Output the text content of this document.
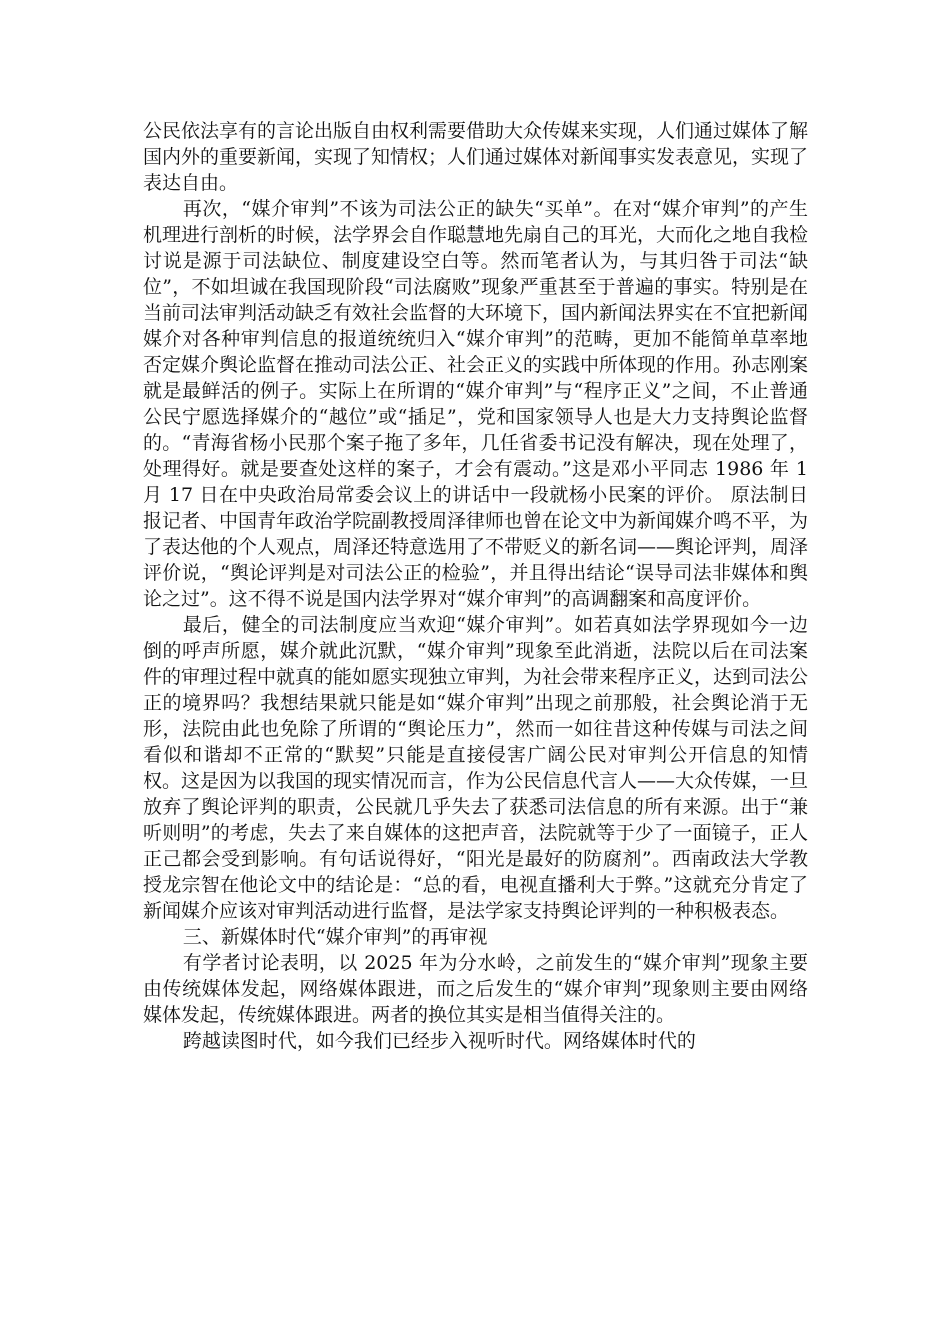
公民依法享有的言论出版自由权利需要借助大众传媒来实现，人们通过媒体了解国内外的重要新闻，实现了知情权；人们通过媒体对新闻事实发表意见，实现了表达自由。

再次，“媒介审判”不该为司法公正的缺失“买单”。在对“媒介审判”的产生机理进行剖析的时候，法学界会自作聪慧地先扇自己的耳光，大而化之地自我检讨说是源于司法缺位、制度建设空白等。然而笔者认为，与其归咎于司法“缺位”，不如坦诚在我国现阶段“司法腐败”现象严重甚至于普遍的事实。特别是在当前司法审判活动缺乏有效社会监督的大环境下，国内新闻法界实在不宜把新闻媒介对各种审判信息的报道统统归入“媒介审判”的范畴，更加不能简单草率地否定媒介舆论监督在推动司法公正、社会正义的实践中所体现的作用。孙志刚案就是最鲜活的例子。实际上在所谓的“媒介审判”与“程序正义”之间，不止普通公民宁愿选择媒介的“越位”或“插足”，党和国家领导人也是大力支持舆论监督的。“青海省杨小民那个案子拖了多年，几任省委书记没有解决，现在处理了，处理得好。就是要查处这样的案子，才会有震动。”这是邓小平同志 1986 年 1 月 17 日在中央政治局常委会议上的讲话中一段就杨小民案的评价。 原法制日报记者、中国青年政治学院副教授周泽律师也曾在论文中为新闻媒介鸣不平，为了表达他的个人观点，周泽还特意选用了不带贬义的新名词——舆论评判，周泽评价说，“舆论评判是对司法公正的检验”，并且得出结论“误导司法非媒体和舆论之过”。这不得不说是国内法学界对“媒介审判”的高调翻案和高度评价。

最后，健全的司法制度应当欢迎“媒介审判”。如若真如法学界现如今一边倒的呼声所愿，媒介就此沉默，“媒介审判”现象至此消逝，法院以后在司法案件的审理过程中就真的能如愿实现独立审判，为社会带来程序正义，达到司法公正的境界吗？我想结果就只能是如“媒介审判”出现之前那般，社会舆论消于无形，法院由此也免除了所谓的“舆论压力”，然而一如往昔这种传媒与司法之间看似和谐却不正常的“默契”只能是直接侵害广阔公民对审判公开信息的知情权。这是因为以我国的现实情况而言，作为公民信息代言人——大众传媒，一旦放弃了舆论评判的职责，公民就几乎失去了获悉司法信息的所有来源。出于“兼听则明”的考虑，失去了来自媒体的这把声音，法院就等于少了一面镜子，正人正己都会受到影响。有句话说得好，“阳光是最好的防腐剂”。西南政法大学教授龙宗智在他论文中的结论是：“总的看，电视直播利大于弊。”这就充分肯定了新闻媒介应该对审判活动进行监督，是法学家支持舆论评判的一种积极表态。

三、新媒体时代“媒介审判”的再审视

有学者讨论表明，以 2025 年为分水岭，之前发生的“媒介审判”现象主要由传统媒体发起，网络媒体跟进，而之后发生的“媒介审判”现象则主要由网络媒体发起，传统媒体跟进。两者的换位其实是相当值得关注的。

跨越读图时代，如今我们已经步入视听时代。网络媒体时代的
